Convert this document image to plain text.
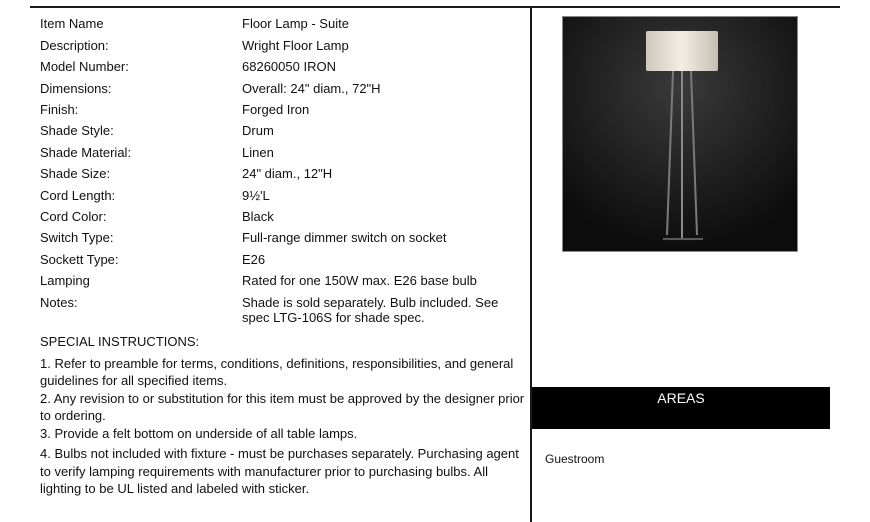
Item Name	Floor Lamp - Suite
Description:	Wright Floor Lamp
Model Number:	68260050 IRON
Dimensions:	Overall: 24" diam., 72"H
Finish:	Forged Iron
Shade Style:	Drum
Shade Material:	Linen
Shade Size:	24" diam., 12"H
Cord Length:	9½'L
Cord Color:	Black
Switch Type:	Full-range dimmer switch on socket
Sockett Type:	E26
Lamping	Rated for one 150W max. E26 base bulb
Notes:	Shade is sold separately. Bulb included. See spec LTG-106S for shade spec.

SPECIAL INSTRUCTIONS:

1. Refer to preamble for terms, conditions, definitions, responsibilities, and general guidelines for all specified items.

2. Any revision to or substitution for this item must be approved by the designer prior to ordering.

3. Provide a felt bottom on underside of all table lamps.

4. Bulbs not included with fixture - must be purchases separately. Purchasing agent to verify lamping requirements with manufacturer prior to purchasing bulbs. All lighting to be UL listed and labeled with sticker.

AREAS
Guestroom
